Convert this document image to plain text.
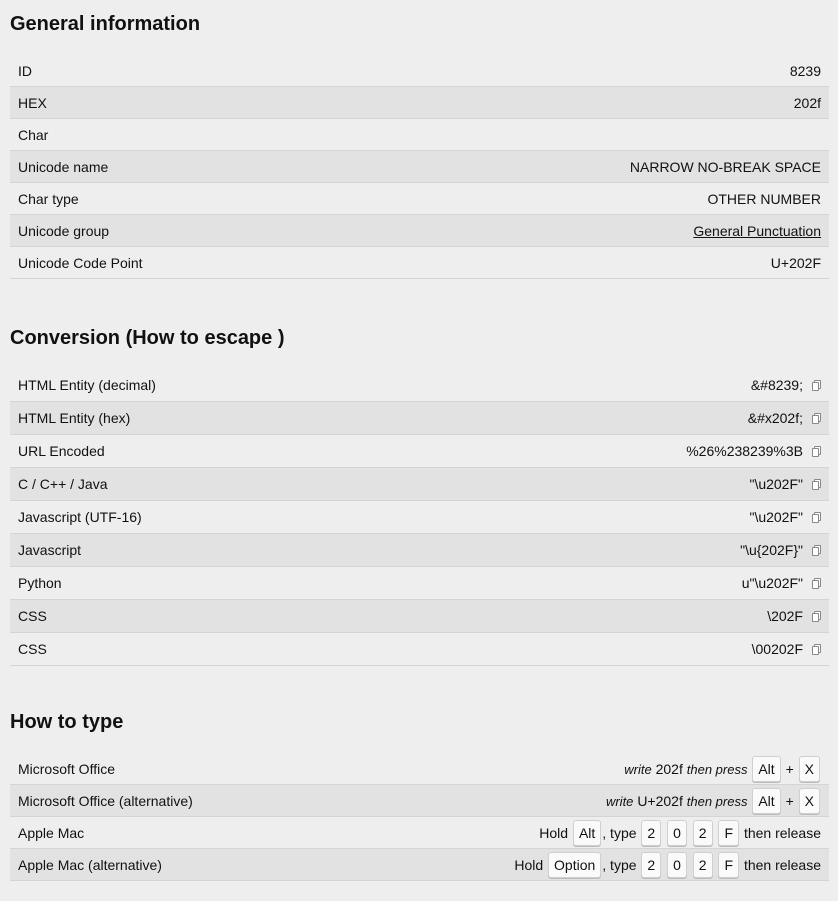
General information
ID	8239
HEX	202f
Char	
Unicode name	NARROW NO-BREAK SPACE
Char type	OTHER NUMBER
Unicode group	General Punctuation
Unicode Code Point	U+202F
Conversion (How to escape )
HTML Entity (decimal)	&#8239;
HTML Entity (hex)	&#x202f;
URL Encoded	%26%238239%3B
C / C++ / Java	"\u202F"
Javascript (UTF-16)	"\u202F"
Javascript	"\u{202F}"
Python	u"\u202F"
CSS	\202F
CSS	\00202F
How to type
Microsoft Office	write 202f then press Alt + X
Microsoft Office (alternative)	write U+202f then press Alt + X
Apple Mac	Hold Alt , type 2 0 2 F then release
Apple Mac (alternative)	Hold Option , type 2 0 2 F then release
